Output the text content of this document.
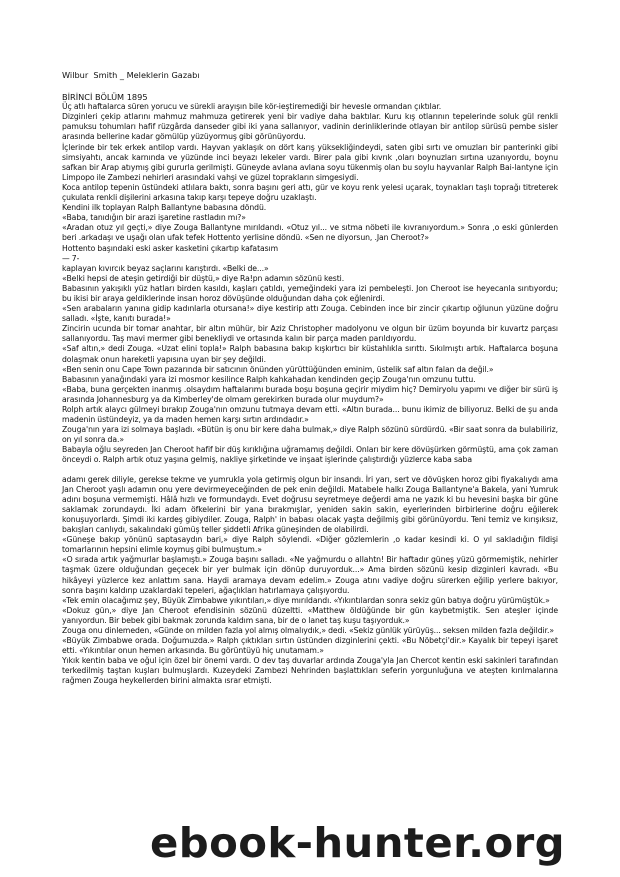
Wilbur  Smith _ Meleklerin Gazabı

BİRİNCİ BÖLÜM 1895

Üç atlı haftalarca süren yorucu ve sürekli arayışın bile kör-ieştiremediği bir hevesle ormandan çıktılar.

Dizginleri çekip atlarını mahmuz mahmuza getirerek yeni bir vadiye daha baktılar. Kuru kış otlarının tepelerinde soluk gül renkli pamuksu tohumları hafif rüzgârda danseder gibi iki yana sallanıyor, vadinin derinliklerinde otlayan bir antilop sürüsü pembe sisler arasında bellerine kadar gömülüp yüzüyormuş gibi görünüyordu.

İçlerinde bir tek erkek antilop vardı. Hayvan yaklaşık on dört karış yüksekliğindeydi, saten gibi sırtı ve omuzları bir panterinki gibi simsiyahtı, ancak karnında ve yüzünde inci beyazı lekeler vardı. Birer pala gibi kıvrık ,oları boynuzları sırtına uzanıyordu, boynu safkan bir Arap atıymış gibi gururla gerilmişti. Güneyde avlana avlana soyu tükenmiş olan bu soylu hayvanlar Ralph Bai-lantyne için Limpopo ile Zambezi nehirleri arasındaki vahşi ve güzel toprakların simgesiydi.

Koca antilop tepenin üstündeki atlılara baktı, sonra başını geri attı, gür ve koyu renk yelesi uçarak, toynakları taşlı toprağı titreterek çukulata renkli dişilerini arkasına takıp karşı tepeye doğru uzaklaştı.

Kendini ilk toplayan Ralph Ballantyne babasına döndü.

«Baba, tanıdığın bir arazi işaretine rastladın mı?»

«Aradan otuz yıl geçti,» diye Zouga Ballantyne mırıldandı. «Otuz yıl... ve sıtma nöbeti ile kıvranıyordum.» Sonra ,o eski günlerden beri .arkadaşı ve uşağı olan ufak tefek Hottento yerlisine döndü. «Sen ne diyorsun, .Jan Cheroot?»

Hottento başındaki eski asker kasketini çıkartıp kafatasım

— 7-

kaplayan kıvırcık beyaz saçlarını karıştırdı. «Belki de...»

«Belki hepsi de ateşin getirdiği bir düştü,» diye Ra!pn adamın sözünü kesti.

Babasının yakışıklı yüz hatları birden kasıldı, kaşları çatıldı, yemeğindeki yara izi pembeleşti. Jon Cheroot ise heyecanla sırıtıyordu; bu ikisi bir araya geldiklerinde insan horoz dövüşünde olduğundan daha çok eğlenirdi.

«Sen arabaların yanına gidip kadınlarla otursana!» diye kestirip attı Zouga. Cebinden ince bir zincir çıkartıp oğlunun yüzüne doğru salladı. «İşte, kanıtı burada!»

Zincirin ucunda bir tomar anahtar, bir altın mühür, bir Aziz Christopher madolyonu ve olgun bir üzüm boyunda bir kuvartz parçası sallanıyordu. Taş mavi mermer gibi benekliydi ve ortasında kalın bir parça maden parıldıyordu.

«Saf altın,» dedi Zouga. «Uzat elini topla!» Ralph babasına bakıp kışkırtıcı bir küstahlıkla sırıttı. Sıkılmıştı artık. Haftalarca boşuna dolaşmak onun hareketli yapısına uyan bir şey değildi.

«Ben senin onu Cape Town pazarında bir satıcının önünden yürüttüğünden eminim, üstelik saf altın falan da değil.»

Babasının yanağındaki yara izi mosmor kesilince Ralph kahkahadan kendinden geçip Zouga'nın omzunu tuttu.

«Baba, buna gerçekten inanmış .olsaydım haftalarımı burada boşu boşuna geçirir miydim hiç? Demiryolu yapımı ve diğer bir sürü iş arasında Johannesburg ya da Kimberley'de olmam gerekirken burada olur muydum?»

Rolph artık alaycı gülmeyi bırakıp Zouga'nın omzunu tutmaya devam etti. «Altın burada... bunu ikimiz de biliyoruz. Belki de şu anda madenin üstündeyiz, ya da maden hemen karşı sırtın ardındadır.»

Zouga'nın yara izi solmaya başladı. «Bütün iş onu bir kere daha bulmak,» diye Ralph sözünü sürdürdü. «Bir saat sonra da bulabiliriz, on yıl sonra da.»

Babayla oğlu seyreden Jan Cheroot hafif bir düş kırıklığına uğramamış değildi. Onları bir kere dövüşürken görmüştü, ama çok zaman önceydi o. Ralph artık otuz yaşına gelmiş, nakliye şirketinde ve inşaat işlerinde çalıştırdığı yüzlerce kaba saba

adamı gerek diliyle, gerekse tekme ve yumrukla yola getirmiş olgun bir insandı. İri yarı, sert ve dövüşken horoz gibi fiyakalıydı ama Jan Cheroot yaşlı adamın onu yere devirmeyeceğinden de pek enin değildi. Matabele halkı Zouga Ballantyne'a Bakela, yani Yumruk adını boşuna vermemişti. Hâlâ hızlı ve formundaydı. Evet doğrusu seyretmeye değerdi ama ne yazık ki bu hevesini başka bir güne saklamak zorundaydı. İki adam öfkelerini bir yana bırakmışlar, yeniden sakin sakin, eyerlerinden birbirlerine doğru eğilerek konuşuyorlardı. Şimdi iki kardeş gibiydiler. Zouga, Ralph' in babası olacak yaşta değilmiş gibi görünüyordu. Teni temiz ve kırışıksız, bakışları canlıydı, sakalındaki gümüş teller şiddetli Afrika güneşinden de olabilirdi.

«Güneşe bakıp yönünü saptasaydın bari,» diye Ralph söylendi. «Diğer gözlemlerin ,o kadar kesindi ki. O yıl sakladığın fildişi tomarlarının hepsini elimle koymuş gibi bulmuştum.»

«O sırada artık yağmurlar başlamıştı.» Zouga başını salladı. «Ne yağmurdu o allahtn! Bir haftadır güneş yüzü görmemiştik, nehirler taşmak üzere olduğundan geçecek bir yer bulmak için dönüp duruyorduk...» Ama birden sözünü kesip dizginleri kavradı. «Bu hikâyeyi yüzlerce kez anlattım sana. Haydi aramaya devam edelim.» Zouga atını vadiye doğru sürerken eğilip yerlere bakıyor, sonra başını kaldırıp uzaklardaki tepeleri, ağaçlıkları hatırlamaya çalışıyordu.

«Tek emin olacağımız şey, Büyük Zimbabwe yıkıntıları,» diye mırıldandı. «Yıkıntılardan sonra sekiz gün batıya doğru yürümüştük.»

«Dokuz gün,» diye Jan Cheroot efendisinin sözünü düzeltti. «Matthew öldüğünde bir gün kaybetmiştik. Sen ateşler içinde yanıyordun. Bir bebek gibi bakmak zorunda kaldım sana, bir de o lanet taş kuşu taşıyorduk.»

Zouga onu dinlemeden, «Günde on milden fazla yol almış olmalıydık,» dedi. «Sekiz günlük yürüyüş... seksen milden fazla değildir.»

«Büyük Zimbabwe orada. Doğumuzda.» Ralph çıktıkları sırtın üstünden dizginlerini çekti. «Bu Nöbetçi'dir.» Kayalık bir tepeyi işaret etti. «Yıkıntılar onun hemen arkasında. Bu görüntüyü hiç unutamam.»

Yıkık kentin baba ve oğul için özel bir önemi vardı. O dev taş duvarlar ardında Zouga'yla Jan Chercot kentin eski sakinleri tarafından terkedilmiş taştan kuşları bulmuşlardı. Kuzeydeki Zambezi Nehrinden başlattıkları seferin yorgunluğuna ve ateşten kırılmalarına rağmen Zouga heykellerden birini almakta ısrar etmişti.

ebook-hunter.org
